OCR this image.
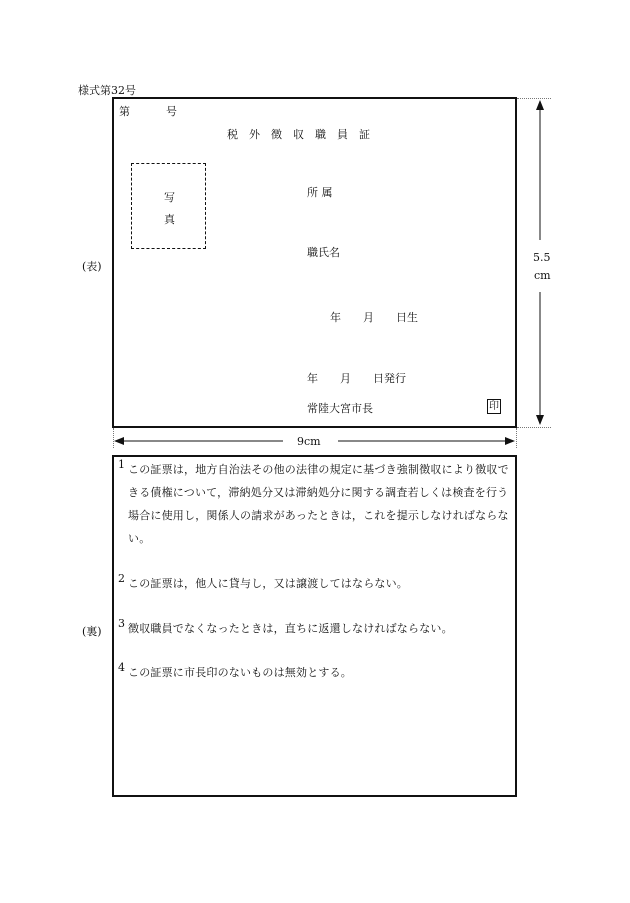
様式第32号
(表)
第	号
税　外　徴　収　職　員　証
写
真
所 属
職氏名
年　　月　　日生
年　　月　　日発行
常陸大宮市長	印
5.5
cm
9cm
(裏)
1 この証票は，地方自治法その他の法律の規定に基づき強制徴収により徴収できる債権について，滞納処分又は滞納処分に関する調査若しくは検査を行う場合に使用し，関係人の請求があったときは，これを提示しなければならない。
2 この証票は，他人に貸与し，又は譲渡してはならない。
3 徴収職員でなくなったときは，直ちに返還しなければならない。
4 この証票に市長印のないものは無効とする。
